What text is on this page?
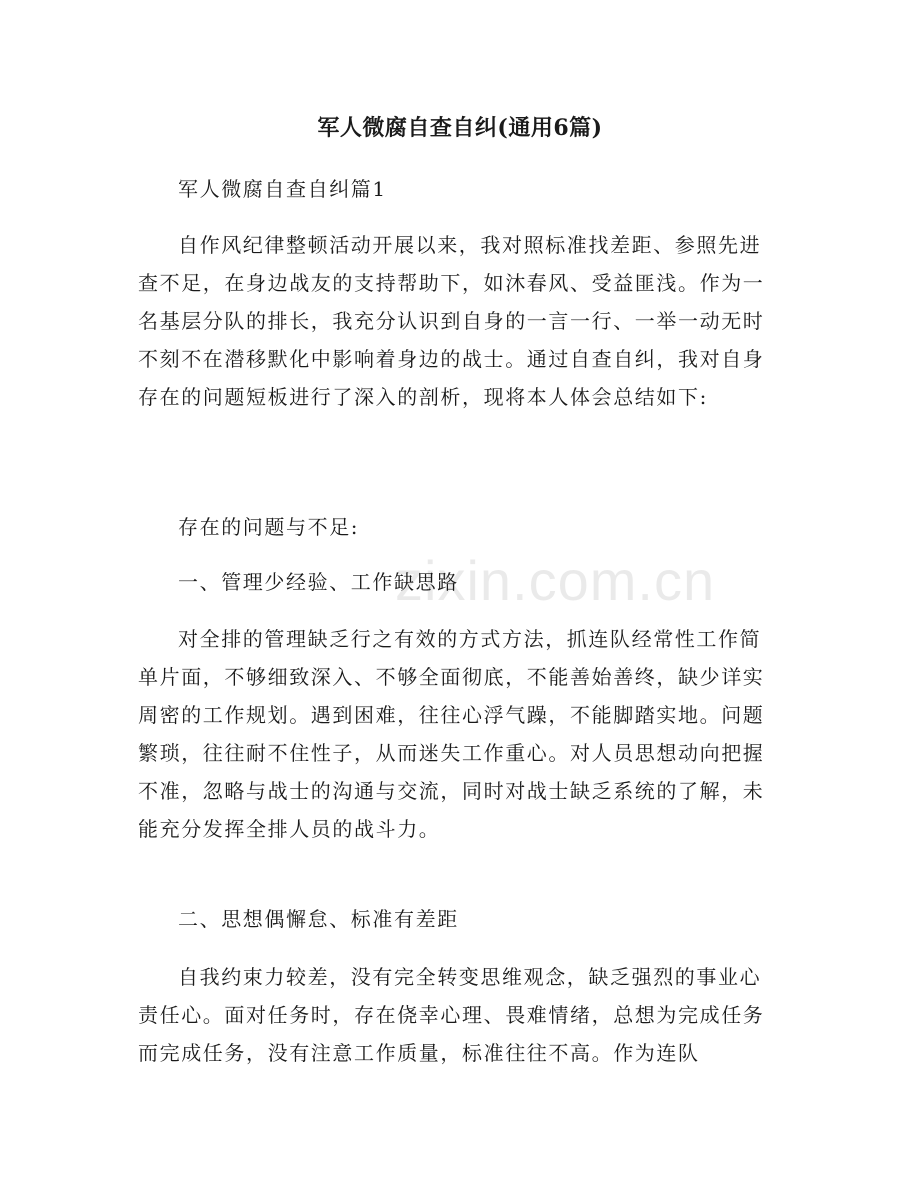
军人微腐自查自纠(通用6篇)

军人微腐自查自纠篇1

自作风纪律整顿活动开展以来，我对照标准找差距、参照先进查不足，在身边战友的支持帮助下，如沐春风、受益匪浅。作为一名基层分队的排长，我充分认识到自身的一言一行、一举一动无时不刻不在潜移默化中影响着身边的战士。通过自查自纠，我对自身存在的问题短板进行了深入的剖析，现将本人体会总结如下:

存在的问题与不足:

一、管理少经验、工作缺思路

对全排的管理缺乏行之有效的方式方法，抓连队经常性工作简单片面，不够细致深入、不够全面彻底，不能善始善终，缺少详实周密的工作规划。遇到困难，往往心浮气躁，不能脚踏实地。问题繁琐，往往耐不住性子，从而迷失工作重心。对人员思想动向把握不准，忽略与战士的沟通与交流，同时对战士缺乏系统的了解，未能充分发挥全排人员的战斗力。

二、思想偶懈怠、标准有差距

自我约束力较差，没有完全转变思维观念，缺乏强烈的事业心责任心。面对任务时，存在侥幸心理、畏难情绪，总想为完成任务而完成任务，没有注意工作质量，标准往往不高。作为连队

zixin.com.cn
